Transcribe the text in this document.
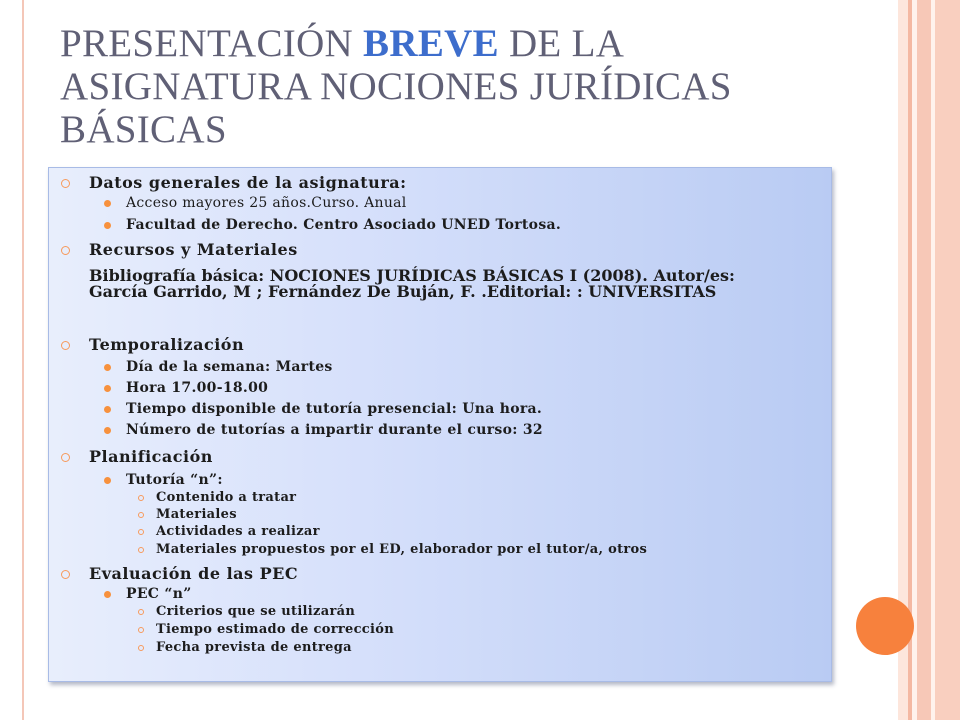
PRESENTACIÓN BREVE DE LA
ASIGNATURA NOCIONES JURÍDICAS
BÁSICAS
Datos generales de la asignatura:
Acceso mayores 25 años.Curso. Anual
Facultad de Derecho. Centro Asociado UNED Tortosa.
Recursos y Materiales
Bibliografía básica: NOCIONES JURÍDICAS BÁSICAS I (2008). Autor/es:
García Garrido, M ; Fernández De Buján, F. .Editorial: : UNIVERSITAS
Temporalización
Día de la semana: Martes
Hora 17.00-18.00
Tiempo disponible de tutoría presencial: Una hora.
Número de tutorías a impartir durante el curso: 32
Planificación
Tutoría “n”:
Contenido a tratar
Materiales
Actividades a realizar
Materiales propuestos por el ED, elaborador por el tutor/a, otros
Evaluación de las PEC
PEC “n”
Criterios que se utilizarán
Tiempo estimado de corrección
Fecha prevista de entrega
